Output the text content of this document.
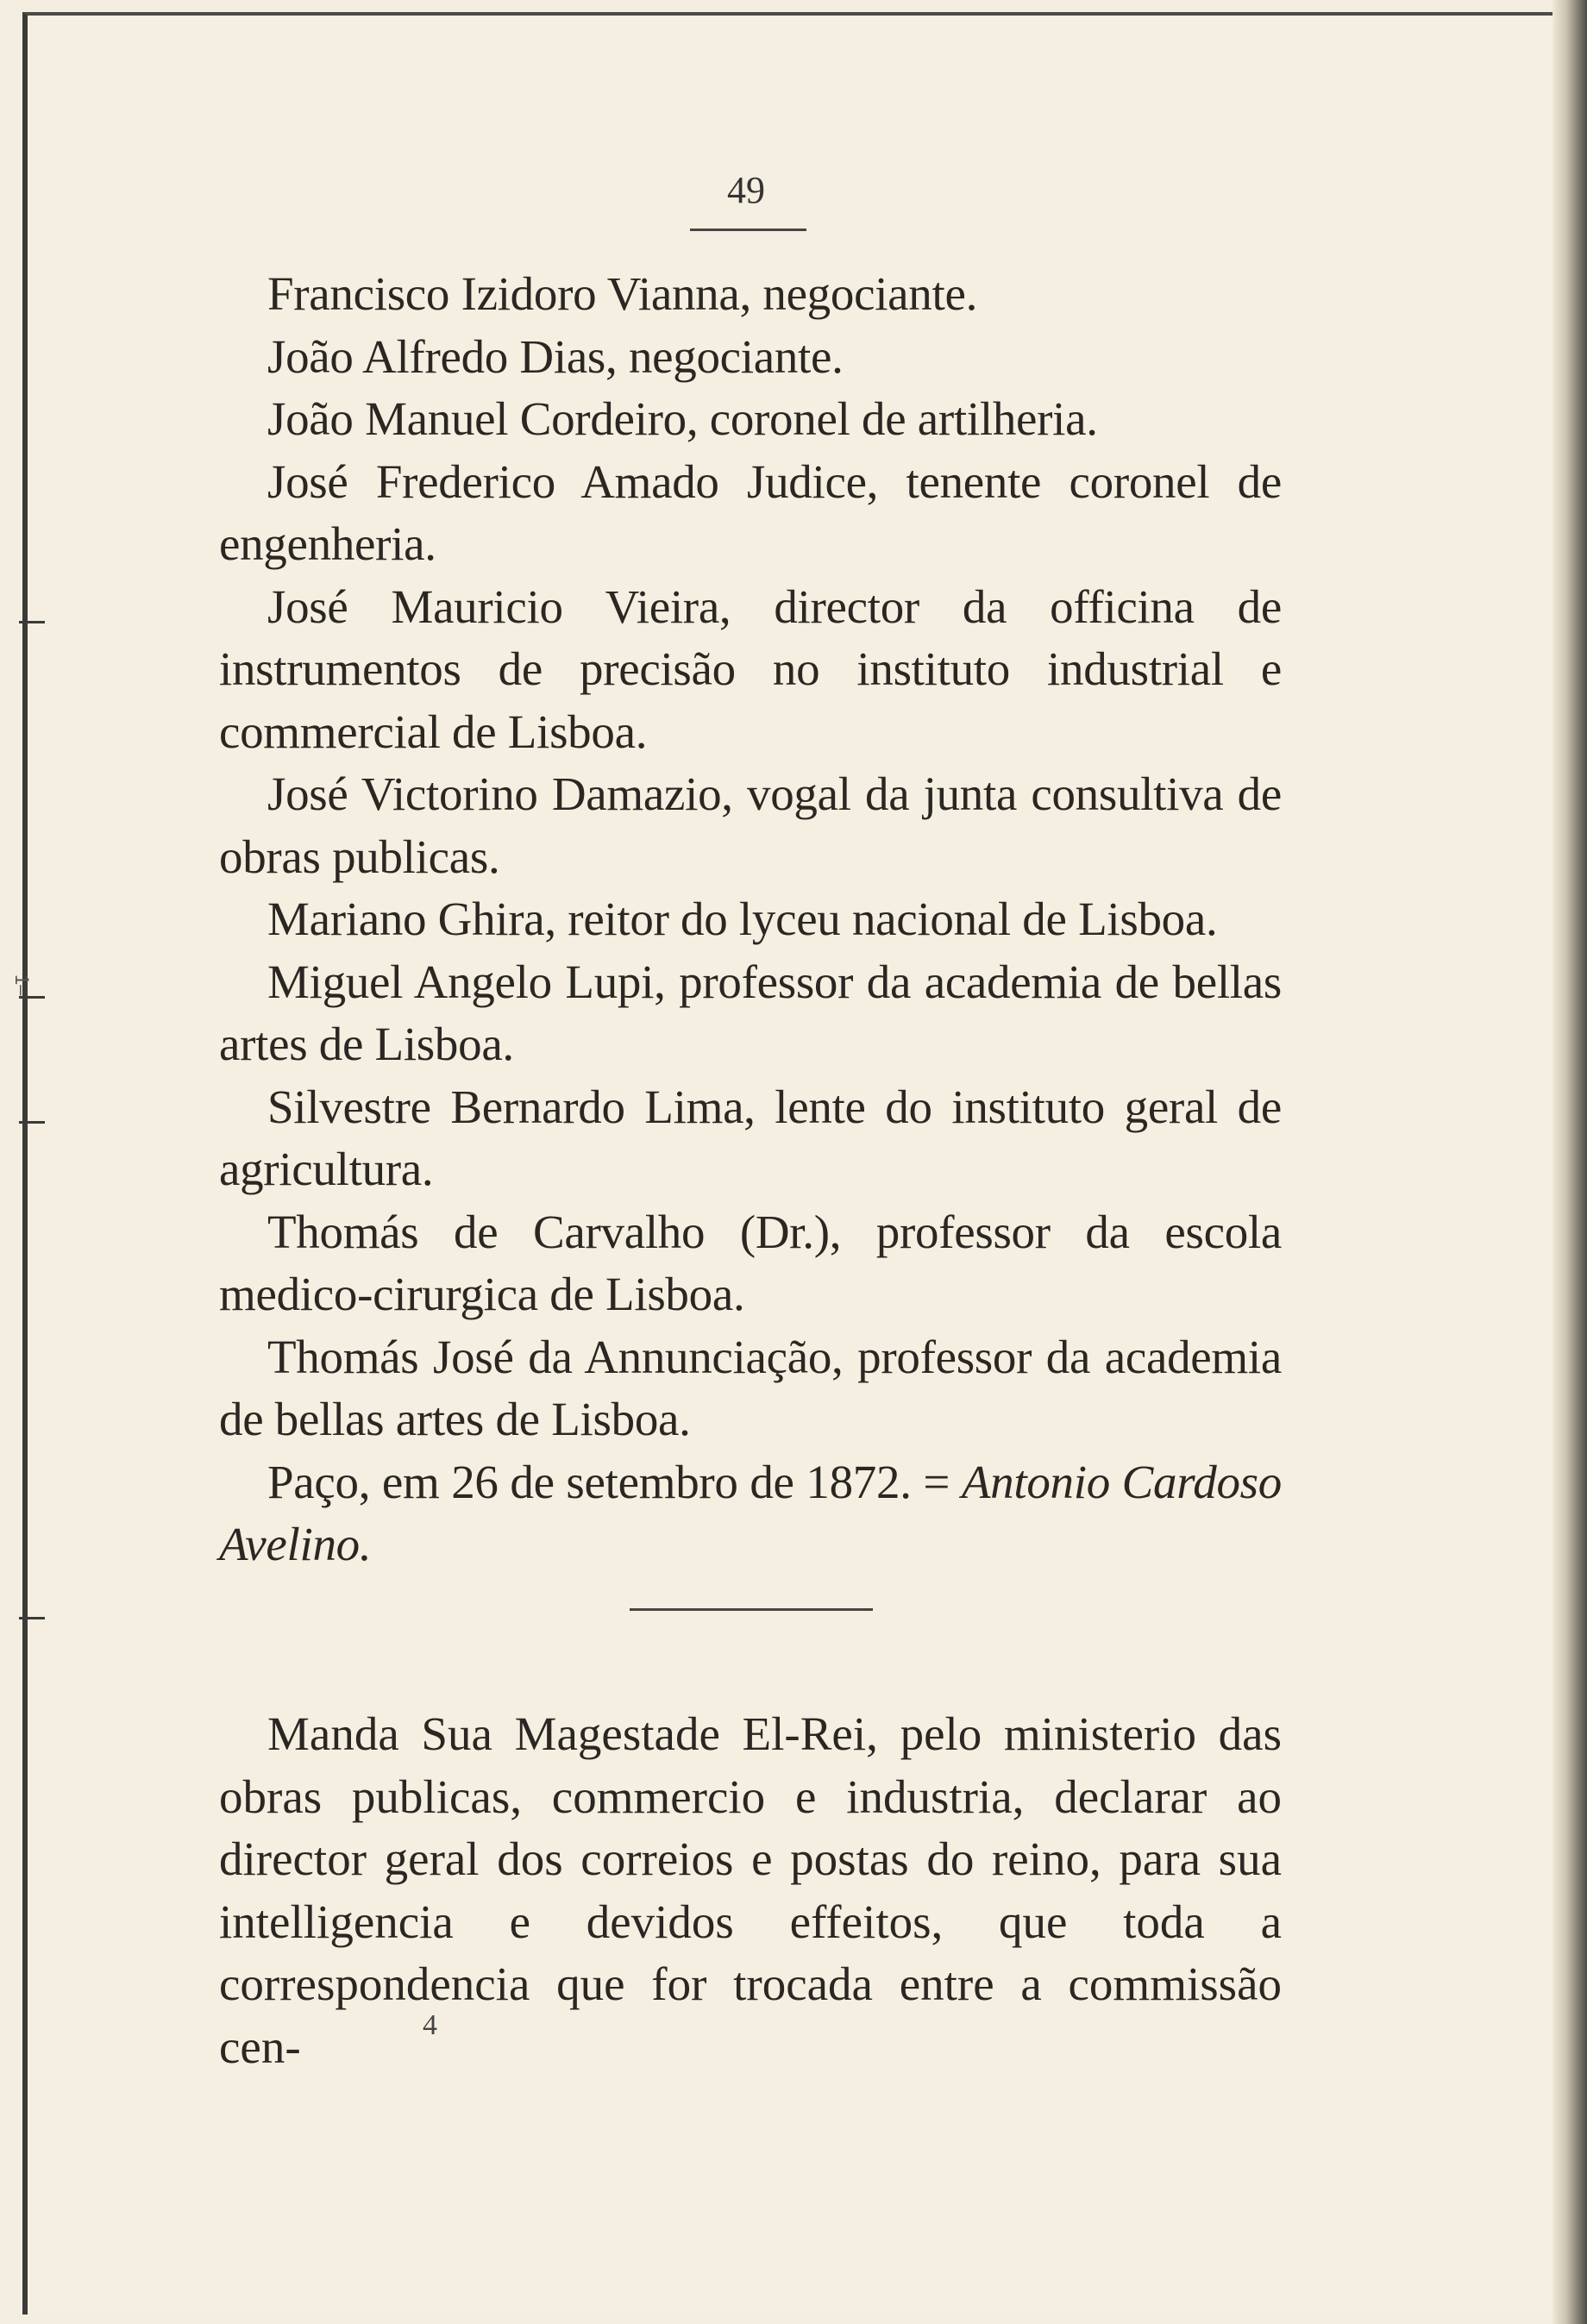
1–
49

Francisco Izidoro Vianna, negociante.

João Alfredo Dias, negociante.

João Manuel Cordeiro, coronel de artilheria.

José Frederico Amado Judice, tenente coronel de engenheria.

José Mauricio Vieira, director da officina de instrumentos de precisão no instituto industrial e commercial de Lisboa.

José Victorino Damazio, vogal da junta consultiva de obras publicas.

Mariano Ghira, reitor do lyceu nacional de Lisboa.

Miguel Angelo Lupi, professor da academia de bellas artes de Lisboa.

Silvestre Bernardo Lima, lente do instituto geral de agricultura.

Thomás de Carvalho (Dr.), professor da escola medico-cirurgica de Lisboa.

Thomás José da Annunciação, professor da academia de bellas artes de Lisboa.

Paço, em 26 de setembro de 1872. = Antonio Cardoso Avelino.

Manda Sua Magestade El-Rei, pelo ministerio das obras publicas, commercio e industria, declarar ao director geral dos correios e postas do reino, para sua intelligencia e devidos effeitos, que toda a correspondencia que for trocada entre a commissão cen-	4
